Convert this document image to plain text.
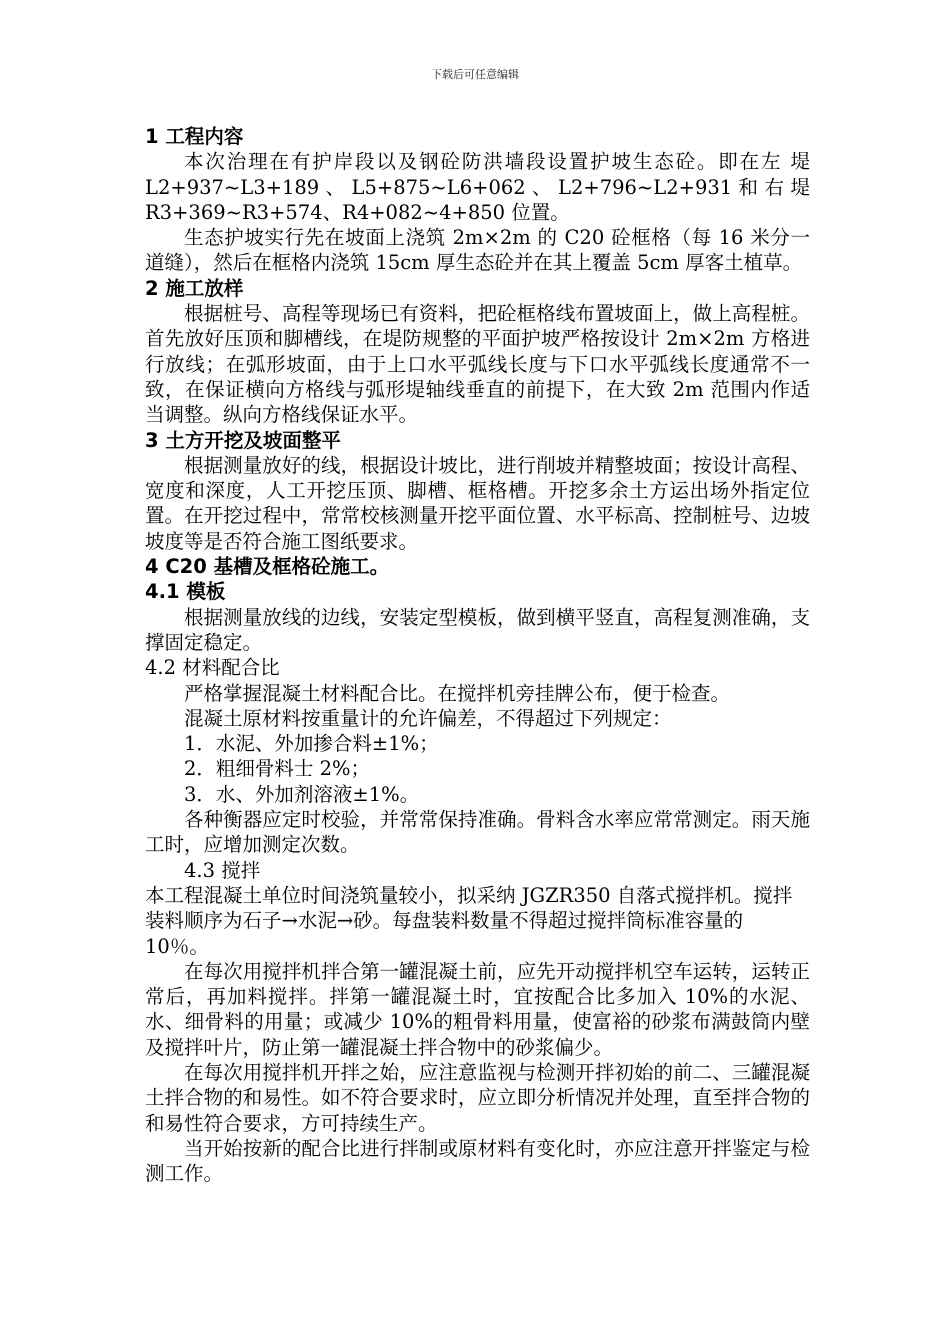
下载后可任意编辑
1 工程内容
本次治理在有护岸段以及钢砼防洪墙段设置护坡生态砼。即在左 堤 L2+937~L3+189 、 L5+875~L6+062 、 L2+796~L2+931 和 右 堤R3+369~R3+574、R4+082~4+850 位置。
生态护坡实行先在坡面上浇筑 2m×2m 的 C20 砼框格（每 16 米分一道缝），然后在框格内浇筑 15cm 厚生态砼并在其上覆盖 5cm 厚客土植草。
2 施工放样
根据桩号、高程等现场已有资料，把砼框格线布置坡面上，做上高程桩。首先放好压顶和脚槽线，在堤防规整的平面护坡严格按设计 2m×2m 方格进行放线；在弧形坡面，由于上口水平弧线长度与下口水平弧线长度通常不一致，在保证横向方格线与弧形堤轴线垂直的前提下，在大致 2m 范围内作适当调整。纵向方格线保证水平。
3 土方开挖及坡面整平
根据测量放好的线，根据设计坡比，进行削坡并精整坡面；按设计高程、宽度和深度，人工开挖压顶、脚槽、框格槽。开挖多余土方运出场外指定位置。在开挖过程中，常常校核测量开挖平面位置、水平标高、控制桩号、边坡坡度等是否符合施工图纸要求。
4 C20 基槽及框格砼施工。
4.1 模板
根据测量放线的边线，安装定型模板，做到横平竖直，高程复测准确，支撑固定稳定。
4.2 材料配合比
严格掌握混凝土材料配合比。在搅拌机旁挂牌公布，便于检查。
混凝土原材料按重量计的允许偏差，不得超过下列规定：
1．水泥、外加掺合料±1%；
2．粗细骨料士 2%；
3．水、外加剂溶液±1%。
各种衡器应定时校验，并常常保持准确。骨料含水率应常常测定。雨天施工时，应增加测定次数。
4.3 搅拌
本工程混凝土单位时间浇筑量较小，拟采纳 JGZR350 自落式搅拌机。搅拌装料顺序为石子→水泥→砂。每盘装料数量不得超过搅拌筒标准容量的 10％。
在每次用搅拌机拌合第一罐混凝土前，应先开动搅拌机空车运转，运转正常后，再加料搅拌。拌第一罐混凝土时，宜按配合比多加入 10%的水泥、水、细骨料的用量；或减少 10%的粗骨料用量，使富裕的砂浆布满鼓筒内壁及搅拌叶片，防止第一罐混凝土拌合物中的砂浆偏少。
在每次用搅拌机开拌之始，应注意监视与检测开拌初始的前二、三罐混凝土拌合物的和易性。如不符合要求时，应立即分析情况并处理，直至拌合物的和易性符合要求，方可持续生产。
当开始按新的配合比进行拌制或原材料有变化时，亦应注意开拌鉴定与检测工作。
